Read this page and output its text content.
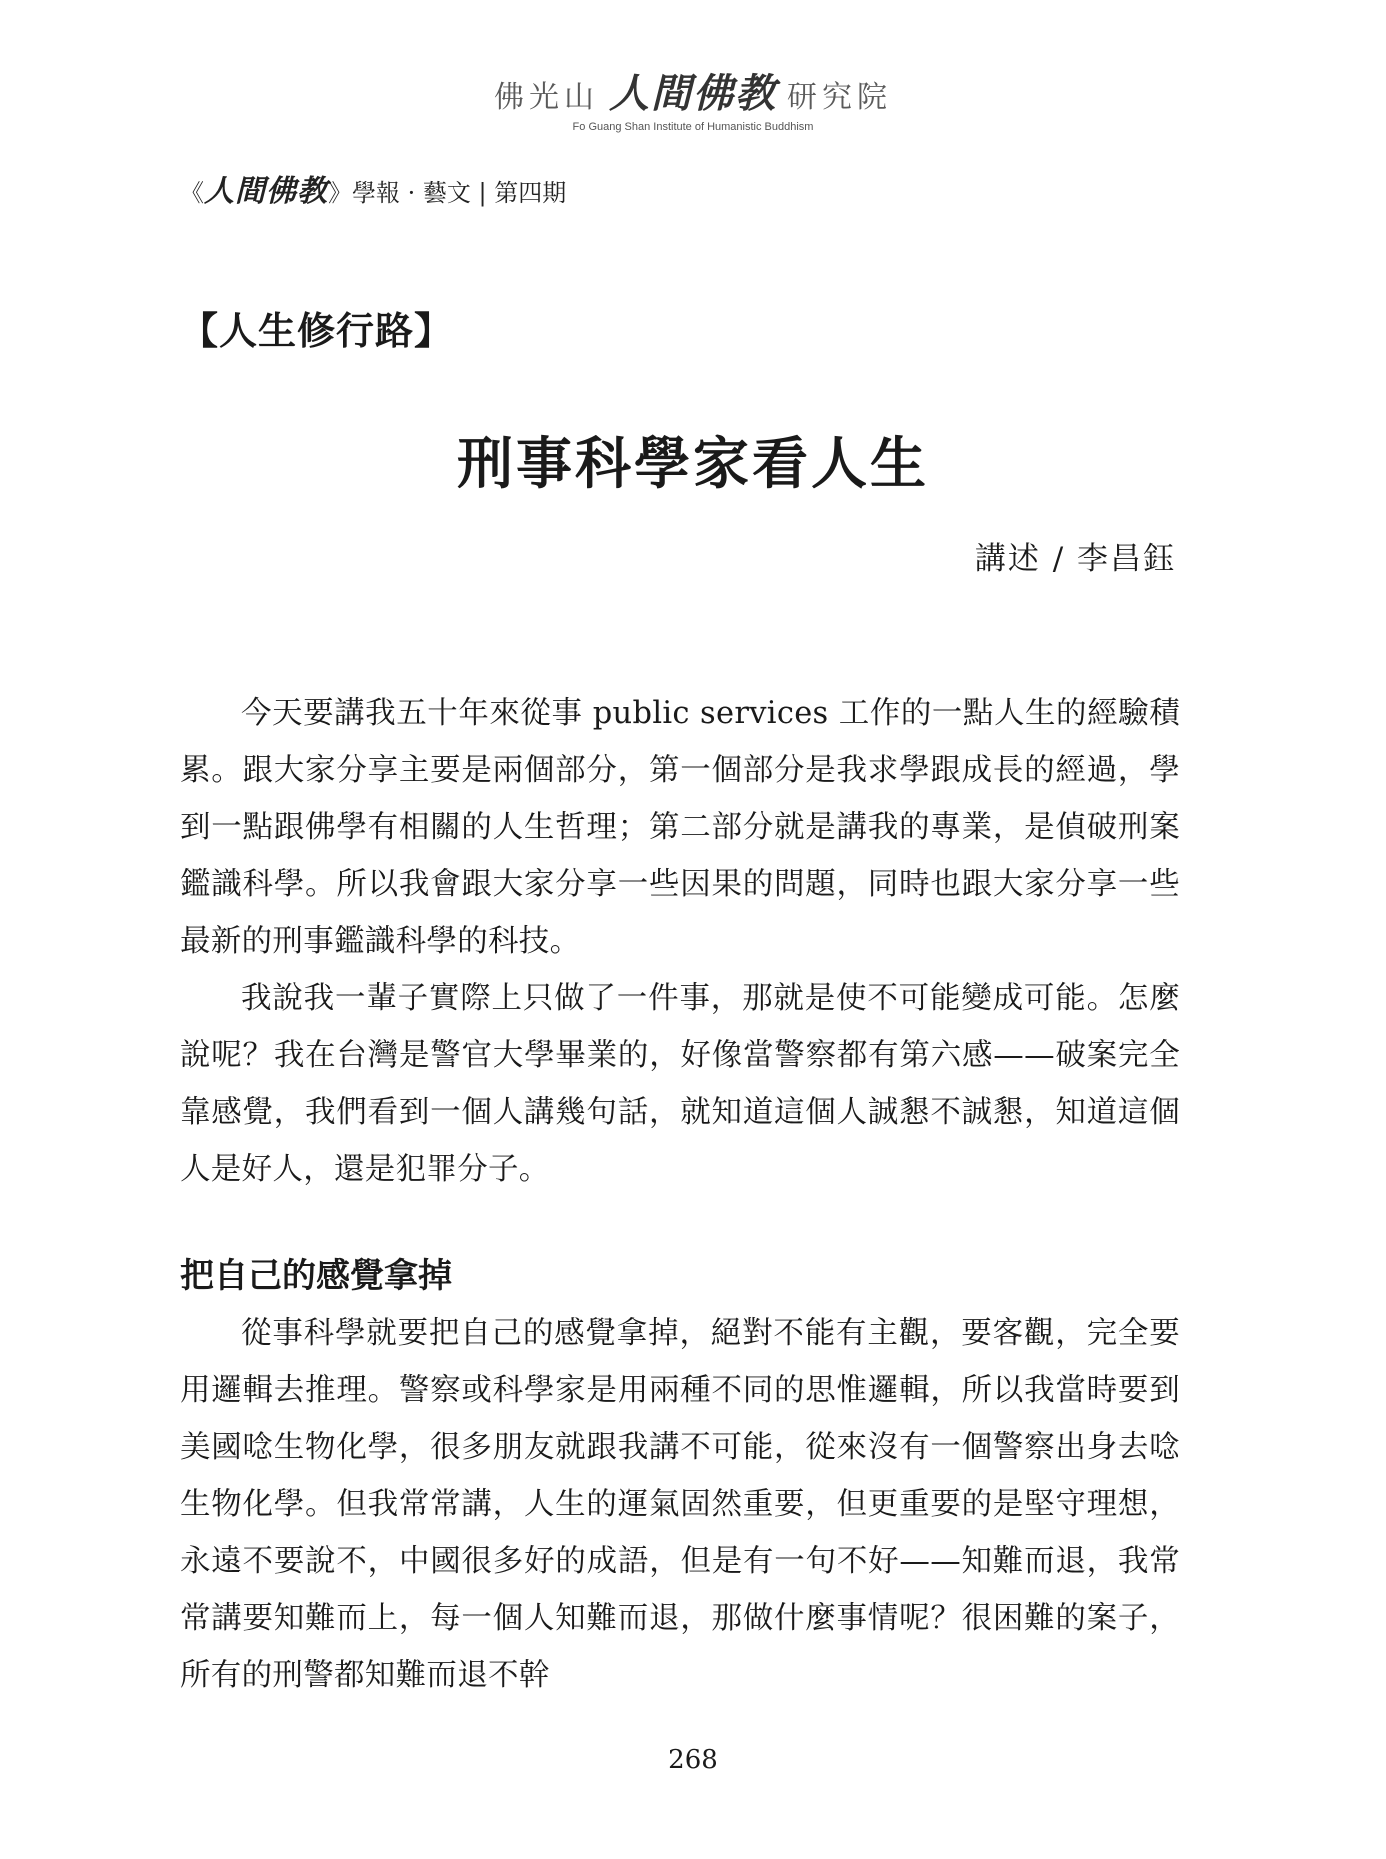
佛光山 人間佛教 研究院
Fo Guang Shan Institute of Humanistic Buddhism
《 人間佛教 》學報 · 藝文 | 第四期
【人生修行路】
刑事科學家看人生
講述 / 李昌鈺

今天要講我五十年來從事 public services 工作的一點人生的經驗積累。跟大家分享主要是兩個部分，第一個部分是我求學跟成長的經過，學到一點跟佛學有相關的人生哲理；第二部分就是講我的專業，是偵破刑案鑑識科學。所以我會跟大家分享一些因果的問題，同時也跟大家分享一些最新的刑事鑑識科學的科技。

我說我一輩子實際上只做了一件事，那就是使不可能變成可能。怎麼說呢？我在台灣是警官大學畢業的，好像當警察都有第六感——破案完全靠感覺，我們看到一個人講幾句話，就知道這個人誠懇不誠懇，知道這個人是好人，還是犯罪分子。

把自己的感覺拿掉

從事科學就要把自己的感覺拿掉，絕對不能有主觀，要客觀，完全要用邏輯去推理。警察或科學家是用兩種不同的思惟邏輯，所以我當時要到美國唸生物化學，很多朋友就跟我講不可能，從來沒有一個警察出身去唸生物化學。但我常常講，人生的運氣固然重要，但更重要的是堅守理想，永遠不要說不，中國很多好的成語，但是有一句不好——知難而退，我常常講要知難而上，每一個人知難而退，那做什麼事情呢？很困難的案子，所有的刑警都知難而退不幹

268
